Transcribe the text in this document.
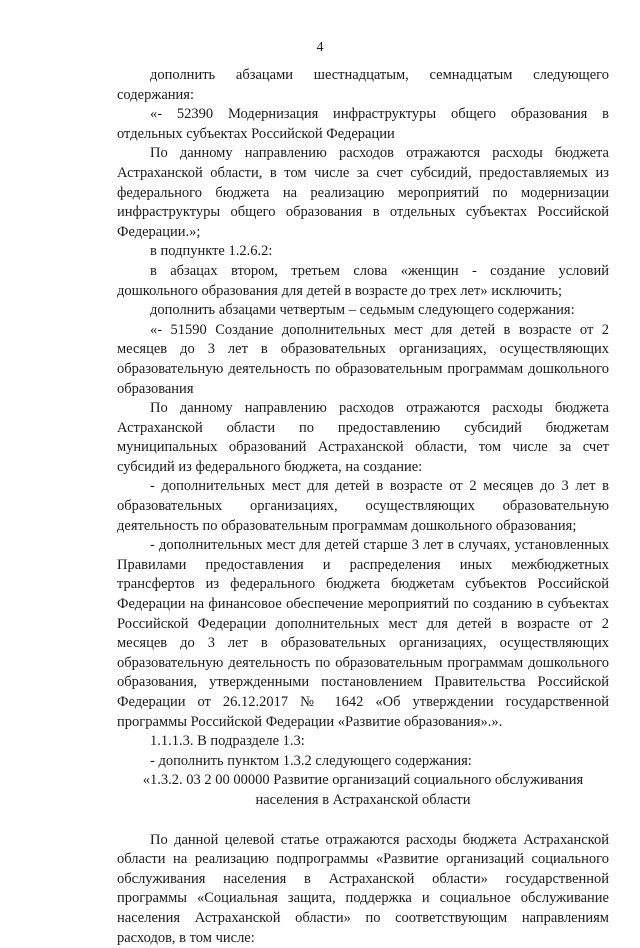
4

дополнить абзацами шестнадцатым, семнадцатым следующего содержания:

«- 52390 Модернизация инфраструктуры общего образования в отдельных субъектах Российской Федерации

По данному направлению расходов отражаются расходы бюджета Астраханской области, в том числе за счет субсидий, предоставляемых из федерального бюджета на реализацию мероприятий по модернизации инфраструктуры общего образования в отдельных субъектах Российской Федерации.»;

в подпункте 1.2.6.2:

в абзацах втором, третьем слова «женщин - создание условий дошкольного образования для детей в возрасте до трех лет» исключить;

дополнить абзацами четвертым – седьмым следующего содержания:

«- 51590 Создание дополнительных мест для детей в возрасте от 2 месяцев до 3 лет в образовательных организациях, осуществляющих образовательную деятельность по образовательным программам дошкольного образования

По данному направлению расходов отражаются расходы бюджета Астраханской области по предоставлению субсидий бюджетам муниципальных образований Астраханской области, том числе за счет субсидий из федерального бюджета, на создание:

- дополнительных мест для детей в возрасте от 2 месяцев до 3 лет в образовательных организациях, осуществляющих образовательную деятельность по образовательным программам дошкольного образования;

- дополнительных мест для детей старше 3 лет в случаях, установленных Правилами предоставления и распределения иных межбюджетных трансфертов из федерального бюджета бюджетам субъектов Российской Федерации на финансовое обеспечение мероприятий по созданию в субъектах Российской Федерации дополнительных мест для детей в возрасте от 2 месяцев до 3 лет в образовательных организациях, осуществляющих образовательную деятельность по образовательным программам дошкольного образования, утвержденными постановлением Правительства Российской Федерации от 26.12.2017 № 1642 «Об утверждении государственной программы Российской Федерации «Развитие образования».».

1.1.1.3. В подразделе 1.3:

- дополнить пунктом 1.3.2 следующего содержания:

«1.3.2. 03 2 00 00000 Развитие организаций социального обслуживания

населения в Астраханской области

По данной целевой статье отражаются расходы бюджета Астраханской области на реализацию подпрограммы «Развитие организаций социального обслуживания населения в Астраханской области» государственной программы «Социальная защита, поддержка и социальное обслуживание населения Астраханской области» по соответствующим направлениям расходов, в том числе:
